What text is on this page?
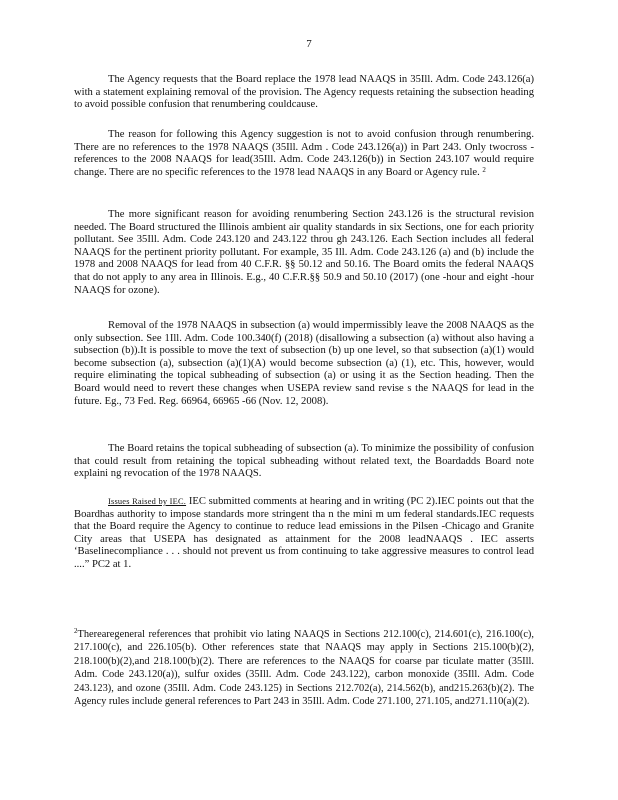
7

The Agency requests that the Board replace the 1978 lead NAAQS in 35Ill. Adm. Code 243.126(a) with a statement explaining removal of the provision. The Agency requests retaining the subsection heading to avoid possible confusion that renumbering couldcause.

The reason for following this Agency suggestion is not to avoid confusion through renumbering. There are no references to the 1978 NAAQS (35Ill. Adm . Code 243.126(a)) in Part 243. Only twocross - references to the 2008 NAAQS for lead(35Ill. Adm. Code 243.126(b)) in Section 243.107 would require change. There are no specific references to the 1978 lead NAAQS in any Board or Agency rule. $^2$

The more significant reason for avoiding renumbering Section 243.126 is the structural revision needed. The Board structured the Illinois ambient air quality standards in six Sections, one for each priority pollutant. See 35Ill. Adm. Code 243.120 and 243.122 throu gh 243.126. Each Section includes all federal NAAQS for the pertinent priority pollutant. For example, 35 Ill. Adm. Code 243.126 (a) and (b) include the 1978 and 2008 NAAQS for lead from 40 C.F.R. §§ 50.12 and 50.16. The Board omits the federal NAAQS that do not apply to any area in Illinois. E.g., 40 C.F.R.§§ 50.9 and 50.10 (2017) (one -hour and eight -hour NAAQS for ozone).

Removal of the 1978 NAAQS in subsection (a) would impermissibly leave the 2008 NAAQS as the only subsection. See 1Ill. Adm. Code 100.340(f) (2018) (disallowing a subsection (a) without also having a subsection (b)).It is possible to move the text of subsection (b) up one level, so that subsection (a)(1) would become subsection (a), subsection (a)(1)(A) would become subsection (a) (1), etc. This, however, would require eliminating the topical subheading of subsection (a) or using it as the Section heading. Then the Board would need to revert these changes when USEPA review sand revise s the NAAQS for lead in the future. Eg., 73 Fed. Reg. 66964, 66965 -66 (Nov. 12, 2008).

The Board retains the topical subheading of subsection (a). To minimize the possibility of confusion that could result from retaining the topical subheading without related text, the Boardadds Board note explaini ng revocation of the 1978 NAAQS.

Issues Raised by IEC. IEC submitted comments at hearing and in writing (PC 2).IEC points out that the Boardhas authority to impose standards more stringent tha n the mini m um federal standards.IEC requests that the Board require the Agency to continue to reduce lead emissions in the Pilsen -Chicago and Granite City areas that USEPA has designated as attainment for the 2008 leadNAAQS . IEC asserts ‘Baselinecompliance . . . should not prevent us from continuing to take aggressive measures to control lead ....” PC2 at 1.

$^2$Therearegeneral references that prohibit vio lating NAAQS in Sections 212.100(c), 214.601(c), 216.100(c), 217.100(c), and 226.105(b). Other references state that NAAQS may apply in Sections 215.100(b)(2), 218.100(b)(2),and 218.100(b)(2). There are references to the NAAQS for coarse par ticulate matter (35Ill. Adm. Code 243.120(a)), sulfur oxides (35Ill. Adm. Code 243.122), carbon monoxide (35Ill. Adm. Code 243.123), and ozone (35Ill. Adm. Code 243.125) in Sections 212.702(a), 214.562(b), and215.263(b)(2). The Agency rules include general references to Part 243 in 35Ill. Adm. Code 271.100, 271.105, and271.110(a)(2).
